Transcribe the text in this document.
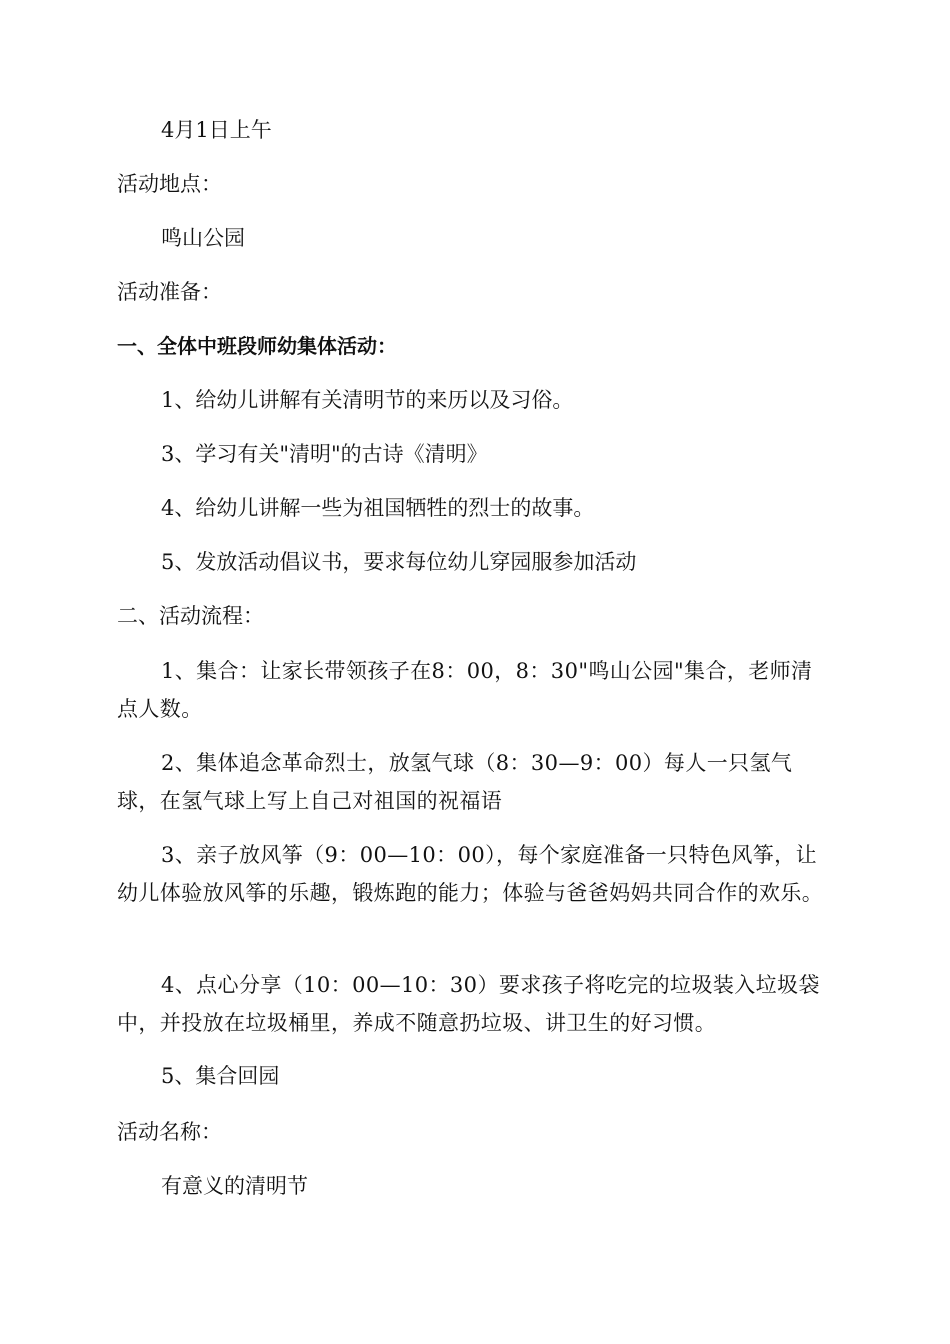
4月1日上午
活动地点：
鸣山公园
活动准备：
一、全体中班段师幼集体活动：
1、给幼儿讲解有关清明节的来历以及习俗。
3、学习有关"清明"的古诗《清明》
4、给幼儿讲解一些为祖国牺牲的烈士的故事。
5、发放活动倡议书，要求每位幼儿穿园服参加活动
二、活动流程：
1、集合：让家长带领孩子在8：00，8：30"鸣山公园"集合，老师清点人数。
2、集体追念革命烈士，放氢气球（8：30—9：00）每人一只氢气球，在氢气球上写上自己对祖国的祝福语
3、亲子放风筝（9：00—10：00），每个家庭准备一只特色风筝，让幼儿体验放风筝的乐趣，锻炼跑的能力；体验与爸爸妈妈共同合作的欢乐。
4、点心分享（10：00—10：30）要求孩子将吃完的垃圾装入垃圾袋中，并投放在垃圾桶里，养成不随意扔垃圾、讲卫生的好习惯。
5、集合回园
活动名称：
有意义的清明节
